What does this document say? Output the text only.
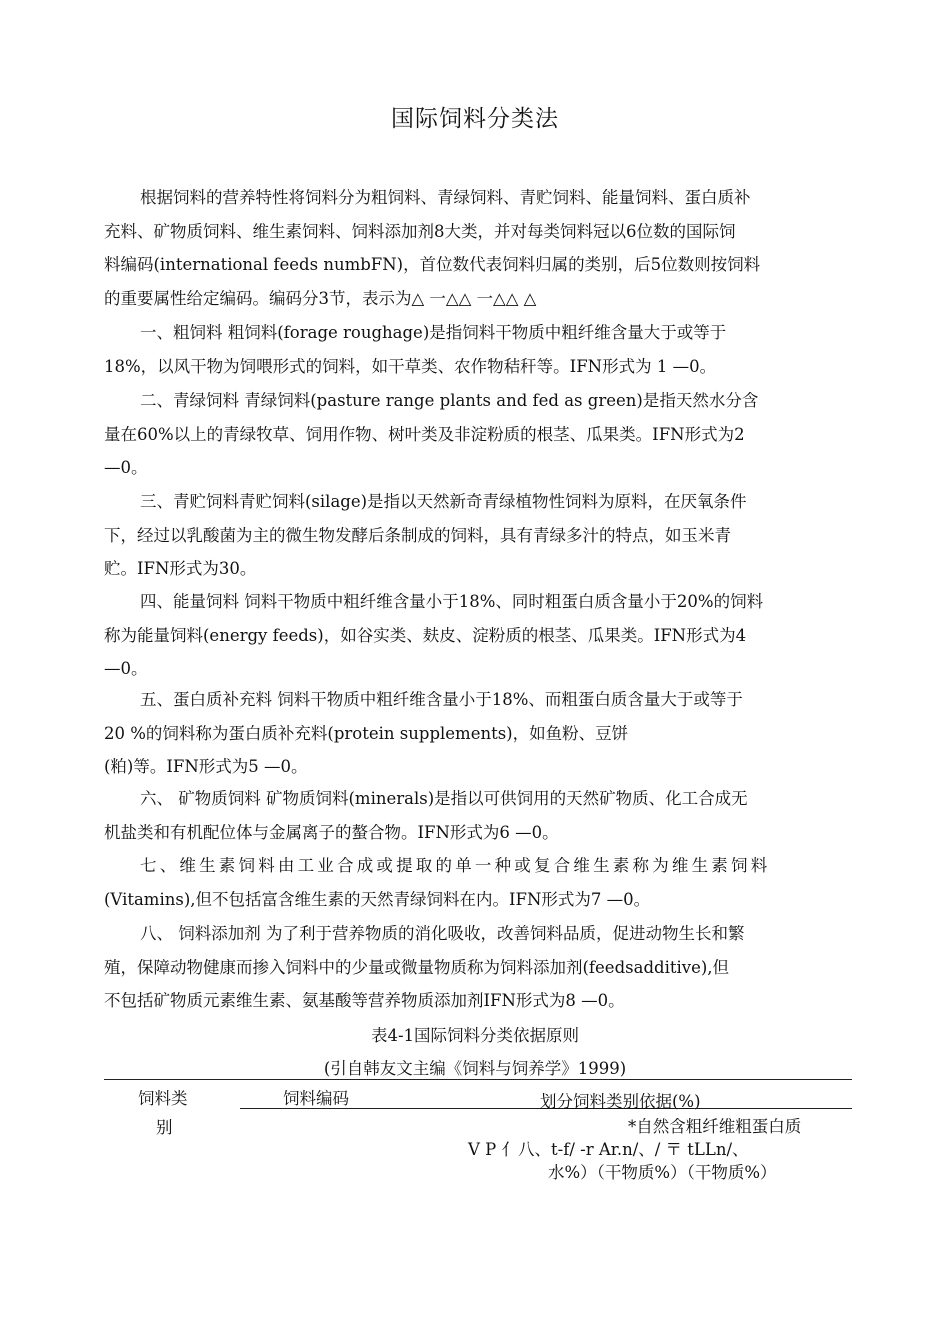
国际饲料分类法
根据饲料的营养特性将饲料分为粗饲料、青绿饲料、青贮饲料、能量饲料、蛋白质补
充料、矿物质饲料、维生素饲料、饲料添加剂8大类，并对每类饲料冠以6位数的国际饲
料编码(international feeds numbFN)，首位数代表饲料归属的类别，后5位数则按饲料
的重要属性给定编码。编码分3节，表示为△ 一△△ 一△△ △
一、粗饲料 粗饲料(forage roughage)是指饲料干物质中粗纤维含量大于或等于
18%，以风干物为饲喂形式的饲料，如干草类、农作物秸秆等。IFN形式为 1 —0。
二、青绿饲料 青绿饲料(pasture range plants and fed as green)是指天然水分含
量在60%以上的青绿牧草、饲用作物、树叶类及非淀粉质的根茎、瓜果类。IFN形式为2
—0。
三、青贮饲料青贮饲料(silage)是指以天然新奇青绿植物性饲料为原料，在厌氧条件
下，经过以乳酸菌为主的微生物发酵后条制成的饲料，具有青绿多汁的特点，如玉米青
贮。IFN形式为30。
四、能量饲料 饲料干物质中粗纤维含量小于18%、同时粗蛋白质含量小于20%的饲料
称为能量饲料(energy feeds)，如谷实类、麸皮、淀粉质的根茎、瓜果类。IFN形式为4
—0。
五、蛋白质补充料 饲料干物质中粗纤维含量小于18%、而粗蛋白质含量大于或等于
20 %的饲料称为蛋白质补充料(protein supplements)，如鱼粉、豆饼
(粕)等。IFN形式为5 —0。
六、 矿物质饲料 矿物质饲料(minerals)是指以可供饲用的天然矿物质、化工合成无
机盐类和有机配位体与金属离子的螯合物。IFN形式为6 —0。
七、维生素饲料由工业合成或提取的单一种或复合维生素称为维生素饲料
(Vitamins),但不包括富含维生素的天然青绿饲料在内。IFN形式为7 —0。
八、 饲料添加剂 为了利于营养物质的消化吸收，改善饲料品质，促进动物生长和繁
殖，保障动物健康而掺入饲料中的少量或微量物质称为饲料添加剂(feedsadditive),但
不包括矿物质元素维生素、氨基酸等营养物质添加剂IFN形式为8 —0。
表4-1国际饲料分类依据原则
(引自韩友文主编《饲料与饲养学》1999)
饲料类
别
饲料编码	划分饲料类别依据(%)
*自然含粗纤维粗蛋白质
V P 亻八、t-f/ -r Ar.n/、/ 〒 tLLn/、
水%）（干物质%）（干物质%）
